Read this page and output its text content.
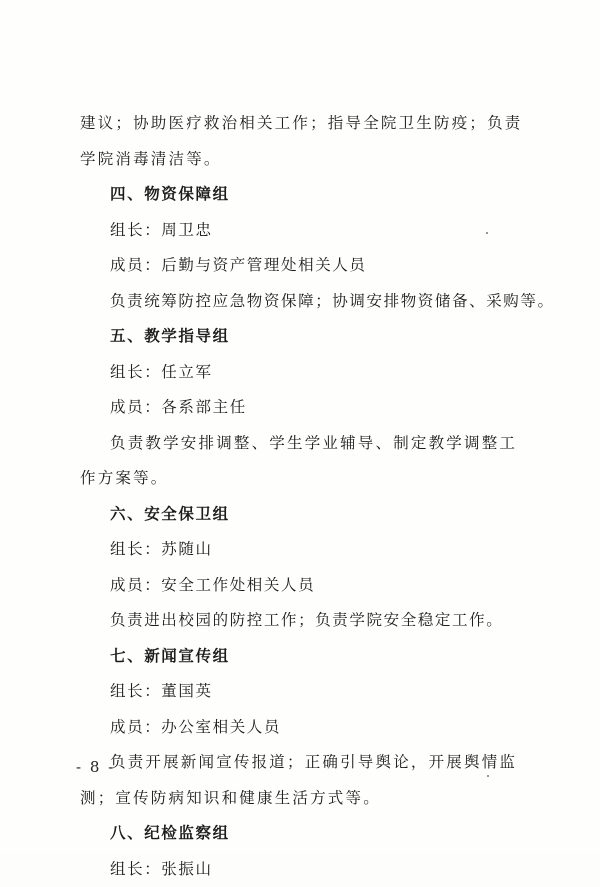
建议；协助医疗救治相关工作；指导全院卫生防疫；负责学院消毒清洁等。
四、物资保障组
组长：周卫忠
成员：后勤与资产管理处相关人员
负责统筹防控应急物资保障；协调安排物资储备、采购等。
五、教学指导组
组长：任立军
成员：各系部主任
负责教学安排调整、学生学业辅导、制定教学调整工作方案等。
六、安全保卫组
组长：苏随山
成员：安全工作处相关人员
负责进出校园的防控工作；负责学院安全稳定工作。
七、新闻宣传组
组长：董国英
成员：办公室相关人员
负责开展新闻宣传报道；正确引导舆论，开展舆情监测；宣传防病知识和健康生活方式等。
八、纪检监察组
组长：张振山
- 8 -
